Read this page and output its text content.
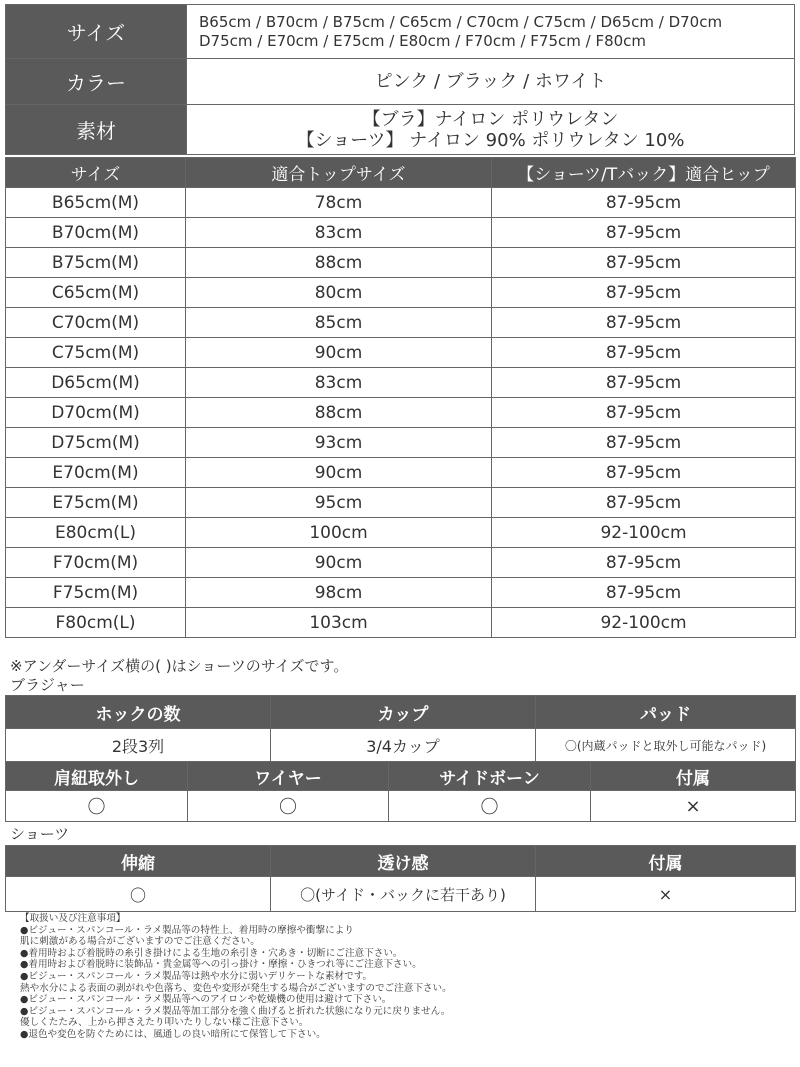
サイズ	B65cm / B70cm / B75cm / C65cm / C70cm / C75cm / D65cm / D70cm
D75cm / E70cm / E75cm / E80cm / F70cm / F75cm / F80cm

カラー	ピンク / ブラック / ホワイト
素材	【ブラ】ナイロン ポリウレタン
【ショーツ】 ナイロン 90% ポリウレタン 10%
サイズ	適合トップサイズ	【ショーツ/Tバック】適合ヒップ
B65cm(M)	78cm	87-95cm
B70cm(M)	83cm	87-95cm
B75cm(M)	88cm	87-95cm
C65cm(M)	80cm	87-95cm
C70cm(M)	85cm	87-95cm
C75cm(M)	90cm	87-95cm
D65cm(M)	83cm	87-95cm
D70cm(M)	88cm	87-95cm
D75cm(M)	93cm	87-95cm
E70cm(M)	90cm	87-95cm
E75cm(M)	95cm	87-95cm
E80cm(L)	100cm	92-100cm
F70cm(M)	90cm	87-95cm
F75cm(M)	98cm	87-95cm
F80cm(L)	103cm	92-100cm
※アンダーサイズ横の( )はショーツのサイズです。
ブラジャー
ホックの数	カップ	パッド
2段3列	3/4カップ	〇(内蔵パッドと取外し可能なパッド)
肩紐取外し	ワイヤー	サイドボーン	付属
〇	〇	〇	×
ショーツ
伸縮	透け感	付属
〇	〇(サイド・バックに若干あり)	×
【取扱い及び注意事項】
●ビジュー・スパンコール・ラメ製品等の特性上、着用時の摩擦や衝撃により
肌に刺激がある場合がございますのでご注意ください。
●着用時および着脱時の糸引き掛けによる生地の糸引き・穴あき・切断にご注意下さい。
●着用時および着脱時に装飾品・貴金属等への引っ掛け・摩擦・ひきつれ等にご注意下さい。
●ビジュー・スパンコール・ラメ製品等は熱や水分に弱いデリケートな素材です。
熱や水分による表面の剥がれや色落ち、変色や変形が発生する場合がございますのでご注意下さい。
●ビジュー・スパンコール・ラメ製品等へのアイロンや乾燥機の使用は避けて下さい。
●ビジュー・スパンコール・ラメ製品等加工部分を強く曲げると折れた状態になり元に戻りません。
優しくたたみ、上から押さえたり叩いたりしない様ご注意下さい。
●退色や変色を防ぐためには、風通しの良い暗所にて保管して下さい。
